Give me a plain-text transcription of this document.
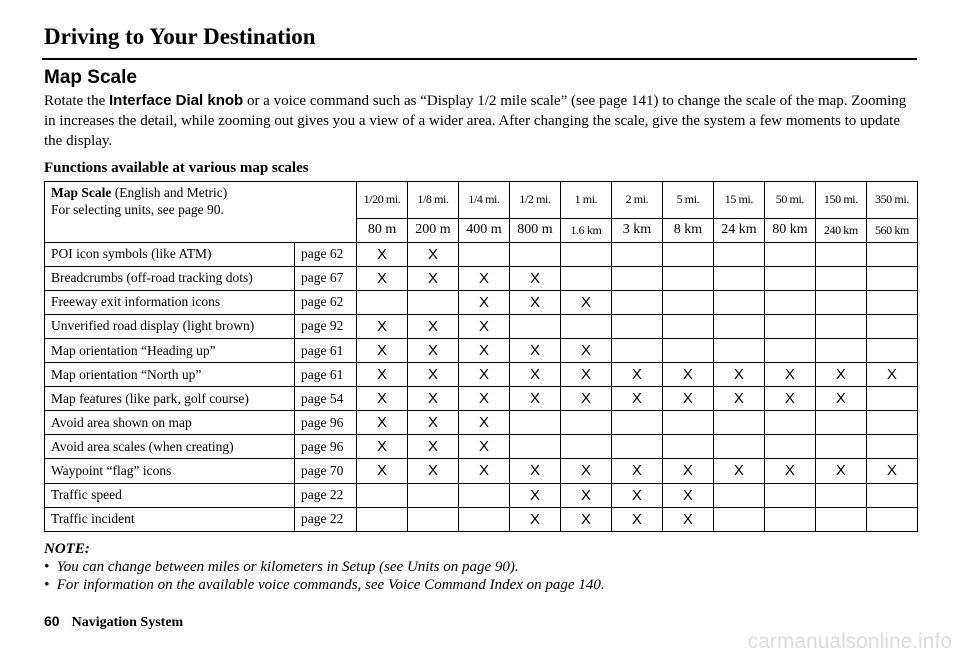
Driving to Your Destination
Map Scale
Rotate the Interface Dial knob or a voice command such as “Display 1/2 mile scale” (see page 141) to change the scale of the map. Zooming in increases the detail, while zooming out gives you a view of a wider area. After changing the scale, give the system a few moments to update the display.
Functions available at various map scales
Map Scale (English and Metric)
For selecting units, see page 90.		1/20 mi.	1/8 mi.	1/4 mi.	1/2 mi.	1 mi.	2 mi.	5 mi.	15 mi.	50 mi.	150 mi.	350 mi.
		80 m	200 m	400 m	800 m	1.6 km	3 km	8 km	24 km	80 km	240 km	560 km
POI icon symbols (like ATM)	page 62	X	X									
Breadcrumbs (off-road tracking dots)	page 67	X	X	X	X							
Freeway exit information icons	page 62			X	X	X						
Unverified road display (light brown)	page 92	X	X	X								
Map orientation “Heading up”	page 61	X	X	X	X	X						
Map orientation “North up”	page 61	X	X	X	X	X	X	X	X	X	X	X
Map features (like park, golf course)	page 54	X	X	X	X	X	X	X	X	X	X	
Avoid area shown on map	page 96	X	X	X								
Avoid area scales (when creating)	page 96	X	X	X								
Waypoint “flag” icons	page 70	X	X	X	X	X	X	X	X	X	X	X
Traffic speed	page 22				X	X	X	X				
Traffic incident	page 22				X	X	X	X				
NOTE:
•  You can change between miles or kilometers in Setup (see Units on page 90).
•  For information on the available voice commands, see Voice Command Index on page 140.
60 Navigation System
carmanualsonline.info
